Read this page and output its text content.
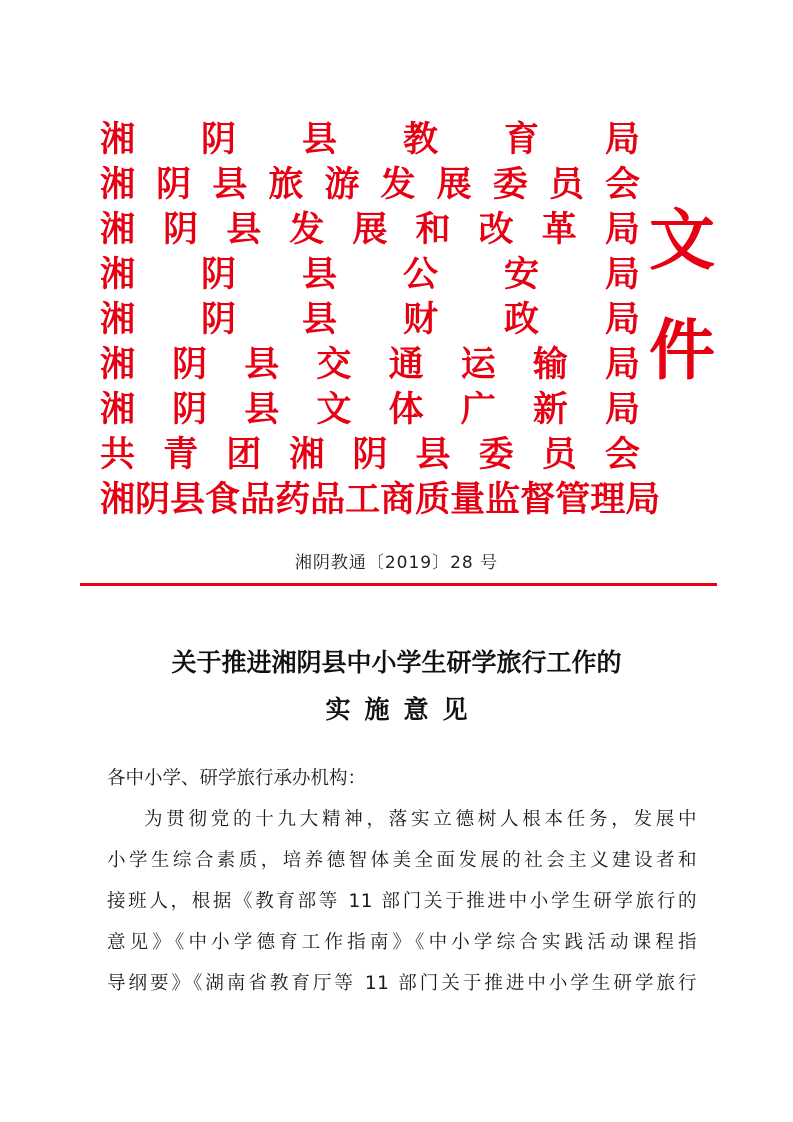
湘 阴 县 教 育 局
湘 阴 县 旅 游 发 展 委 员 会
湘 阴 县 发 展 和 改 革 局
湘 阴 县 公 安 局
湘 阴 县 财 政 局
湘 阴 县 交 通 运 输 局
湘 阴 县 文 体 广 新 局
共 青 团 湘 阴 县 委 员 会
湘 阴 县 食 品 药 品 工 商 质 量 监 督 管 理 局
文
件
湘阴教通〔2019〕28 号
关于推进湘阴县中小学生研学旅行工作的
实施意见
各中小学、研学旅行承办机构：
为贯彻党的十九大精神，落实立德树人根本任务，发展中
小学生综合素质，培养德智体美全面发展的社会主义建设者和
接班人，根据《教育部等 11 部门关于推进中小学生研学旅行的
意见》《中小学德育工作指南》《中小学综合实践活动课程指
导纲要》《湖南省教育厅等 11 部门关于推进中小学生研学旅行
